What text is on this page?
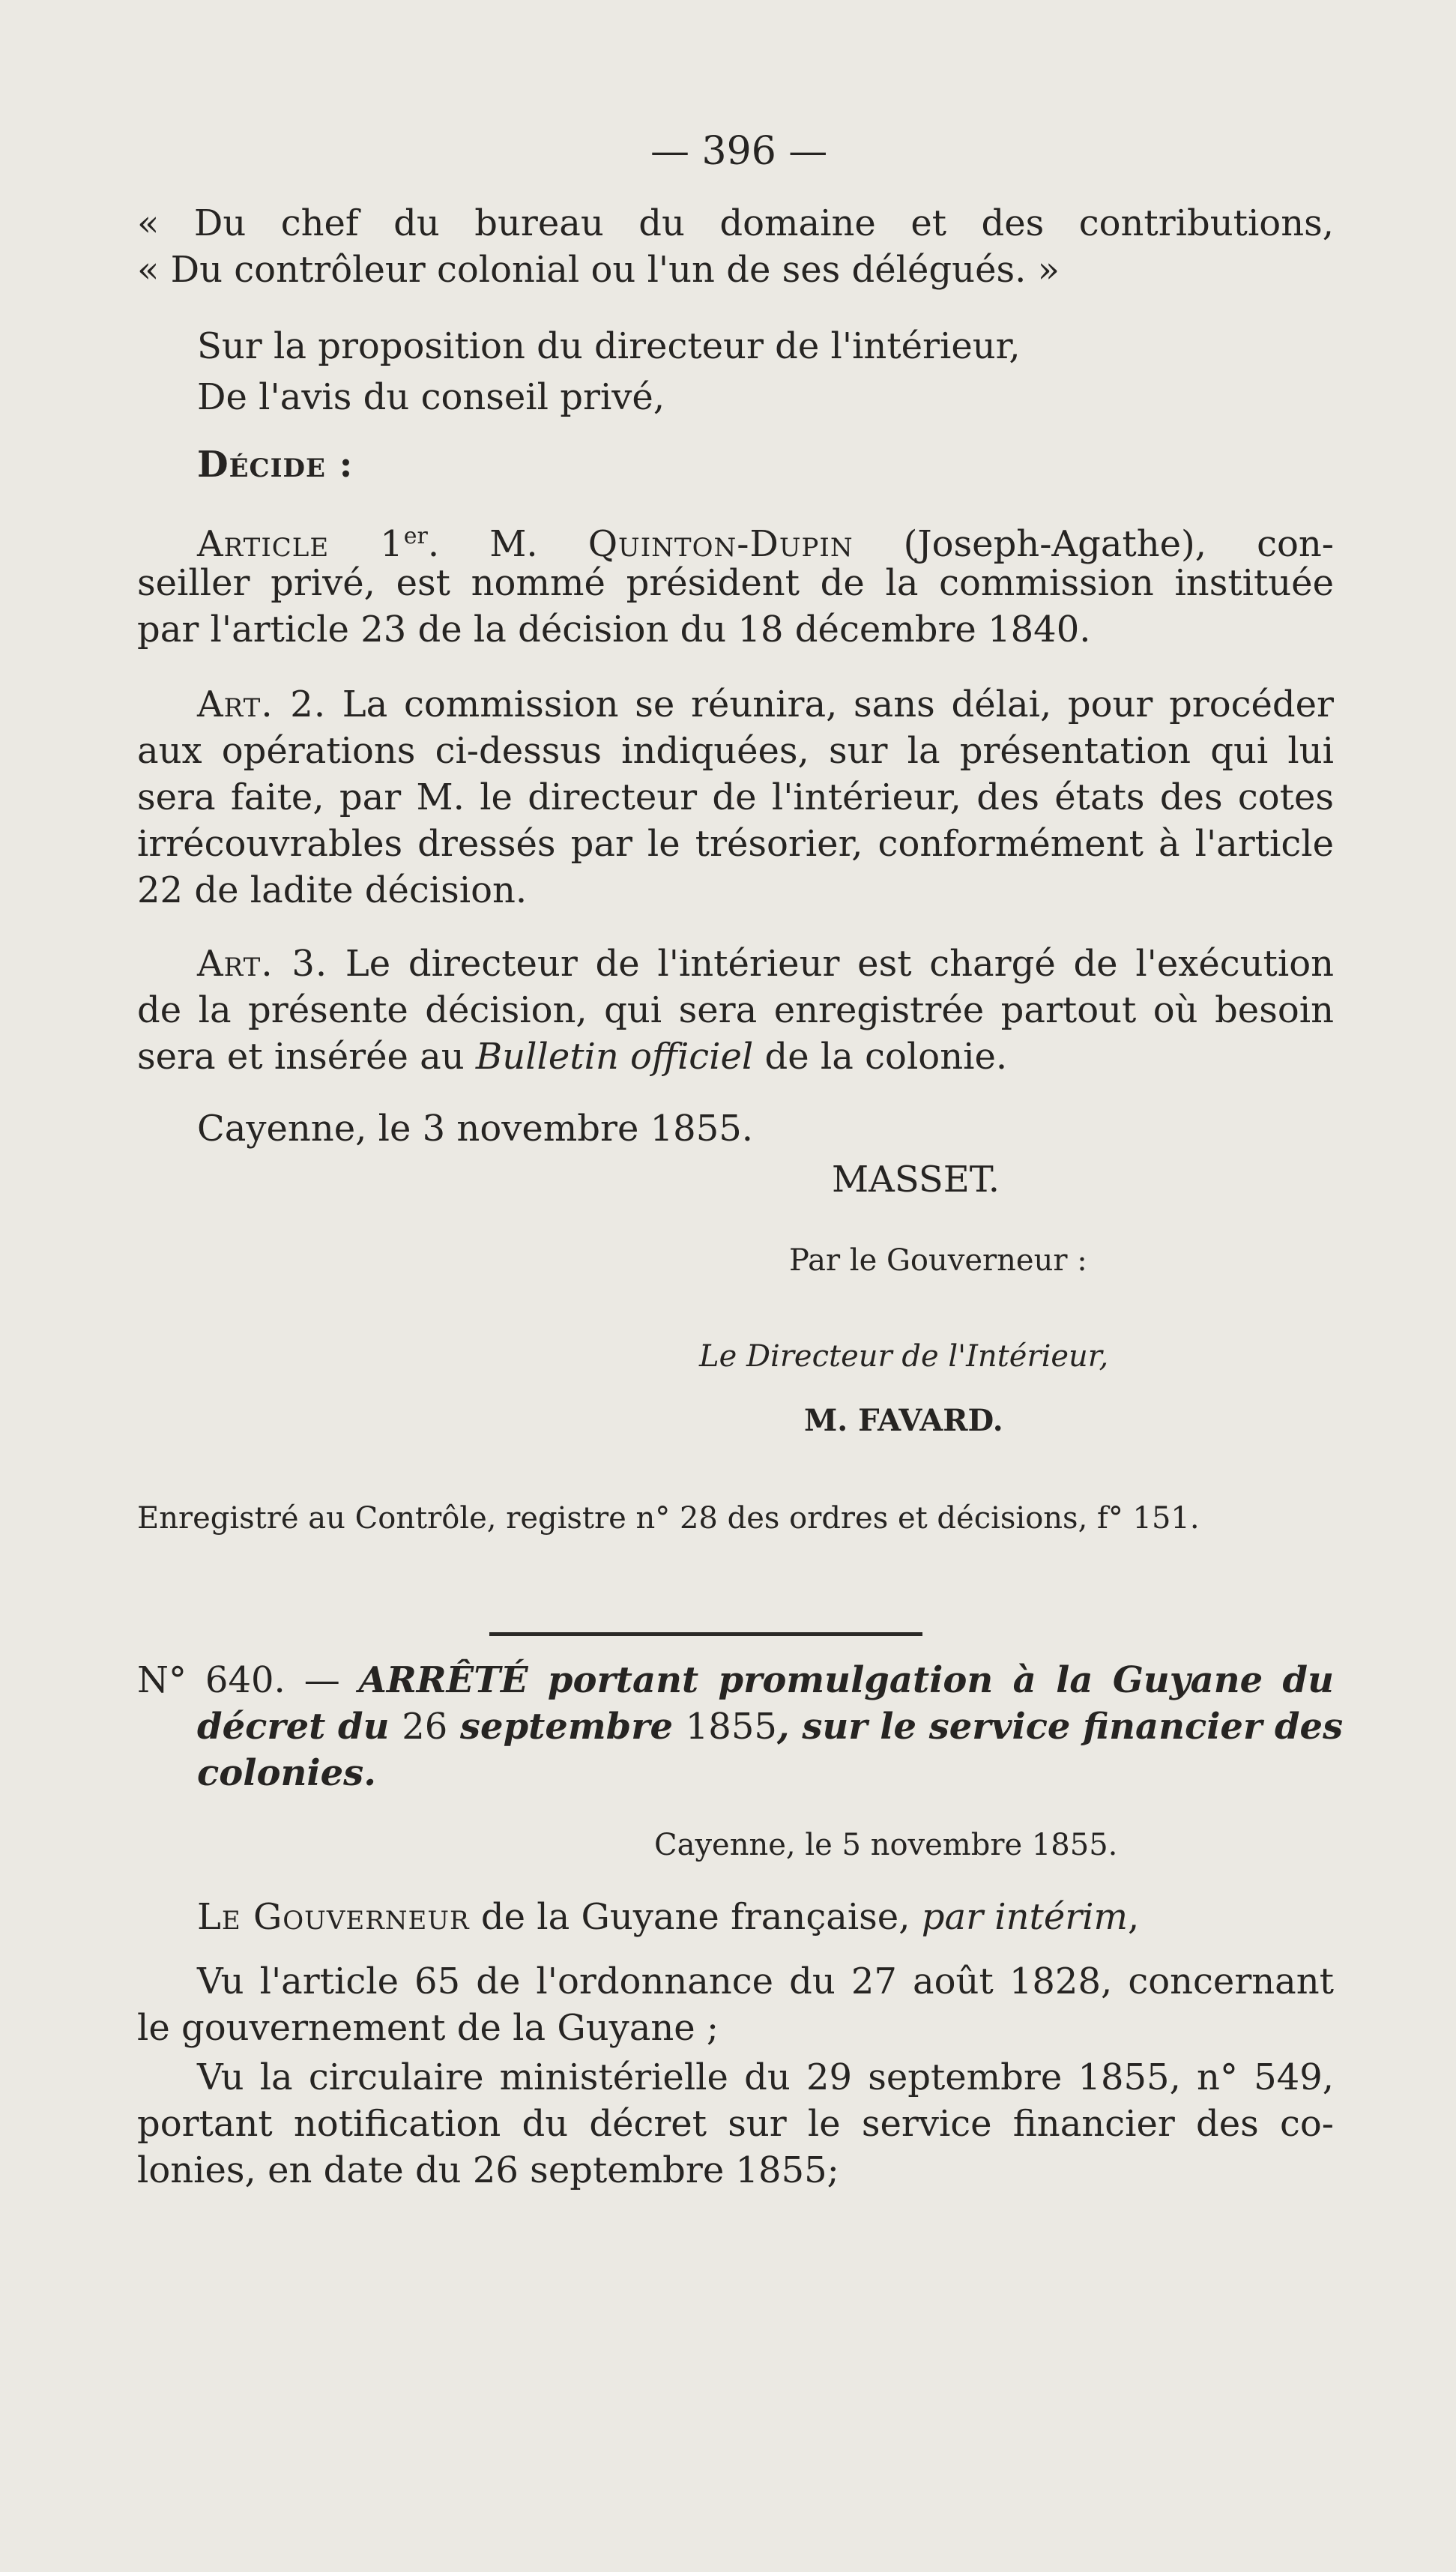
— 396 —
« Du chef du bureau du domaine et des contributions,
« Du contrôleur colonial ou l'un de ses délégués. »
Sur la proposition du directeur de l'intérieur,
De l'avis du conseil privé,
Décide :
Article 1er. M. Quinton-Dupin (Joseph-Agathe), con-
seiller privé, est nommé président de la commission instituée
par l'article 23 de la décision du 18 décembre 1840.
Art. 2. La commission se réunira, sans délai, pour procéder
aux opérations ci-dessus indiquées, sur la présentation qui lui
sera faite, par M. le directeur de l'intérieur, des états des cotes
irrécouvrables dressés par le trésorier, conformément à l'article
22 de ladite décision.
Art. 3. Le directeur de l'intérieur est chargé de l'exécution
de la présente décision, qui sera enregistrée partout où besoin
sera et insérée au Bulletin officiel de la colonie.
Cayenne, le 3 novembre 1855.
MASSET.
Par le Gouverneur :
Le Directeur de l'Intérieur,
M. FAVARD.
Enregistré au Contrôle, registre n° 28 des ordres et décisions, f° 151.
N° 640. — ARRÊTÉ portant promulgation à la Guyane du
décret du 26 septembre 1855, sur le service financier des
colonies.
Cayenne, le 5 novembre 1855.
Le Gouverneur de la Guyane française, par intérim,
Vu l'article 65 de l'ordonnance du 27 août 1828, concernant
le gouvernement de la Guyane ;
Vu la circulaire ministérielle du 29 septembre 1855, n° 549,
portant notification du décret sur le service financier des co-
lonies, en date du 26 septembre 1855;
